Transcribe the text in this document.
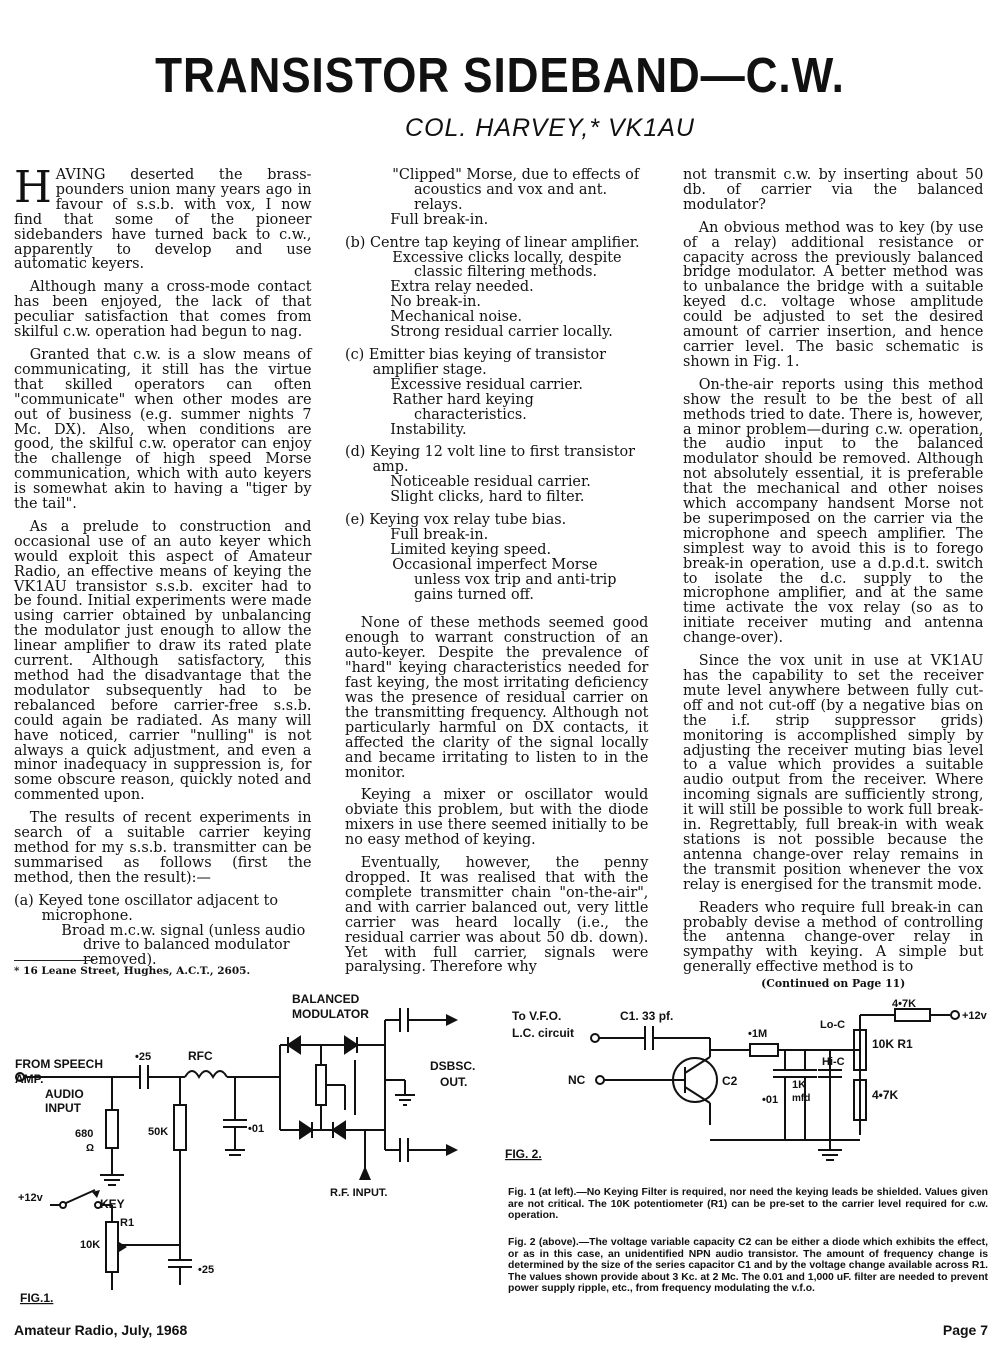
TRANSISTOR SIDEBAND—C.W.
COL. HARVEY,* VK1AU

HAVING deserted the brass-pounders union many years ago in favour of s.s.b. with vox, I now find that some of the pioneer sidebanders have turned back to c.w., apparently to develop and use automatic keyers.

Although many a cross-mode contact has been enjoyed, the lack of that peculiar satisfaction that comes from skilful c.w. operation had begun to nag.

Granted that c.w. is a slow means of communicating, it still has the virtue that skilled operators can often "communicate" when other modes are out of business (e.g. summer nights 7 Mc. DX). Also, when conditions are good, the skilful c.w. operator can enjoy the challenge of high speed Morse communication, which with auto keyers is somewhat akin to having a "tiger by the tail".

As a prelude to construction and occasional use of an auto keyer which would exploit this aspect of Amateur Radio, an effective means of keying the VK1AU transistor s.s.b. exciter had to be found. Initial experiments were made using carrier obtained by unbalancing the modulator just enough to allow the linear amplifier to draw its rated plate current. Although satisfactory, this method had the disadvantage that the modulator subsequently had to be rebalanced before carrier-free s.s.b. could again be radiated. As many will have noticed, carrier "nulling" is not always a quick adjustment, and even a minor inadequacy in suppression is, for some obscure reason, quickly noted and commented upon.

The results of recent experiments in search of a suitable carrier keying method for my s.s.b. transmitter can be summarised as follows (first the method, then the result):—

(a) Keyed tone oscillator adjacent to microphone.
Broad m.c.w. signal (unless audio drive to balanced modulator removed).
* 16 Leane Street, Hughes, A.C.T., 2605.
"Clipped" Morse, due to effects of acoustics and vox and ant. relays.
Full break-in.
(b) Centre tap keying of linear amplifier.
Excessive clicks locally, despite classic filtering methods.
Extra relay needed.
No break-in.
Mechanical noise.
Strong residual carrier locally.
(c) Emitter bias keying of transistor amplifier stage.
Excessive residual carrier.
Rather hard keying characteristics.
Instability.
(d) Keying 12 volt line to first transistor amp.
Noticeable residual carrier.
Slight clicks, hard to filter.
(e) Keying vox relay tube bias.
Full break-in.
Limited keying speed.
Occasional imperfect Morse unless vox trip and anti-trip gains turned off.

None of these methods seemed good enough to warrant construction of an auto-keyer. Despite the prevalence of "hard" keying characteristics needed for fast keying, the most irritating deficiency was the presence of residual carrier on the transmitting frequency. Although not particularly harmful on DX contacts, it affected the clarity of the signal locally and became irritating to listen to in the monitor.

Keying a mixer or oscillator would obviate this problem, but with the diode mixers in use there seemed initially to be no easy method of keying.

Eventually, however, the penny dropped. It was realised that with the complete transmitter chain "on-the-air", and with carrier balanced out, very little carrier was heard locally (i.e., the residual carrier was about 50 db. down). Yet with full carrier, signals were paralysing. Therefore why

not transmit c.w. by inserting about 50 db. of carrier via the balanced modulator?

An obvious method was to key (by use of a relay) additional resistance or capacity across the previously balanced bridge modulator. A better method was to unbalance the bridge with a suitable keyed d.c. voltage whose amplitude could be adjusted to set the desired amount of carrier insertion, and hence carrier level. The basic schematic is shown in Fig. 1.

On-the-air reports using this method show the result to be the best of all methods tried to date. There is, however, a minor problem—during c.w. operation, the audio input to the balanced modulator should be removed. Although not absolutely essential, it is preferable that the mechanical and other noises which accompany handsent Morse not be superimposed on the carrier via the microphone and speech amplifier. The simplest way to avoid this is to forego break-in operation, use a d.p.d.t. switch to isolate the d.c. supply to the microphone amplifier, and at the same time activate the vox relay (so as to initiate receiver muting and antenna change-over).

Since the vox unit in use at VK1AU has the capability to set the receiver mute level anywhere between fully cut-off and not cut-off (by a negative bias on the i.f. strip suppressor grids) monitoring is accomplished simply by adjusting the receiver muting bias level to a value which provides a suitable audio output from the receiver. Where incoming signals are sufficiently strong, it will still be possible to work full break-in. Regrettably, full break-in with weak stations is not possible because the antenna change-over relay remains in the transmit position whenever the vox relay is energised for the transmit mode.

Readers who require full break-in can probably devise a method of controlling the antenna change-over relay in sympathy with keying. A simple but generally effective method is to

(Continued on Page 11)
BALANCED
MODULATOR
FROM SPEECH
AMP.
AUDIO
INPUT
•25	RFC
680
Ω
50K	•01
DSBSC.
OUT.
R.F. INPUT.
+12v	KEY
R1
10K
•25
FIG.1.
To V.F.O.
L.C. circuit
C1. 33 pf.
•1M
Lo-C
4•7K
+12v
10K R1
Hi-C
NC	C2
•01
1K
mfd	4•7K
FIG. 2.
Fig. 1 (at left).—No Keying Filter is required, nor need the keying leads be shielded. Values given are not critical. The 10K potentiometer (R1) can be pre-set to the carrier level required for c.w. operation.
Fig. 2 (above).—The voltage variable capacity C2 can be either a diode which exhibits the effect, or as in this case, an unidentified NPN audio transistor. The amount of frequency change is determined by the size of the series capacitor C1 and by the voltage change available across R1. The values shown provide about 3 Kc. at 2 Mc. The 0.01 and 1,000 uF. filter are needed to prevent power supply ripple, etc., from frequency modulating the v.f.o.
Amateur Radio, July, 1968	Page 7
